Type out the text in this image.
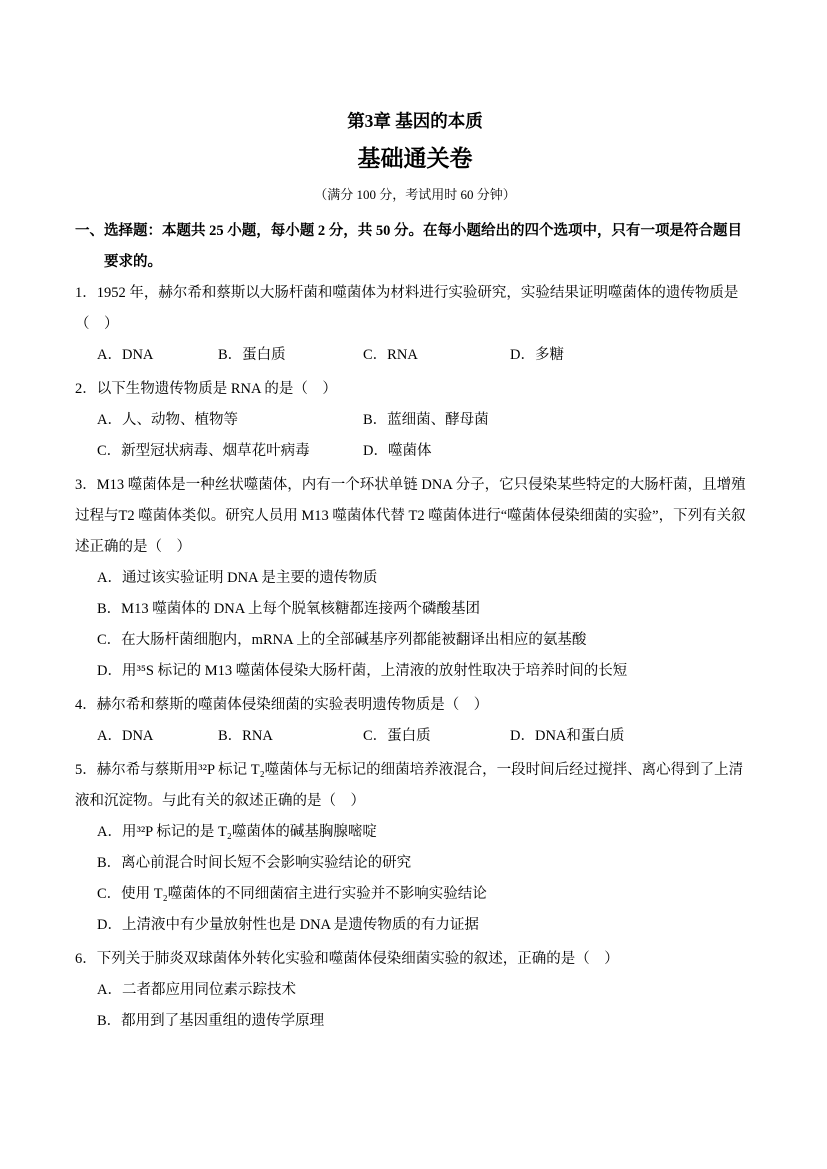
第3章 基因的本质
基础通关卷

（满分 100 分，考试用时 60 分钟）

一、选择题：本题共 25 小题，每小题 2 分，共 50 分。在每小题给出的四个选项中，只有一项是符合题目要求的。

1．1952 年，赫尔希和蔡斯以大肠杆菌和噬菌体为材料进行实验研究，实验结果证明噬菌体的遗传物质是（　）

A．DNA	B．蛋白质	C．RNA	D．多糖

2．以下生物遗传物质是 RNA 的是（　）

A．人、动物、植物等	B．蓝细菌、酵母菌
C．新型冠状病毒、烟草花叶病毒	D．噬菌体

3．M13 噬菌体是一种丝状噬菌体，内有一个环状单链 DNA 分子，它只侵染某些特定的大肠杆菌，且增殖过程与T2 噬菌体类似。研究人员用 M13 噬菌体代替 T2 噬菌体进行“噬菌体侵染细菌的实验”，下列有关叙述正确的是（　）

A．通过该实验证明 DNA 是主要的遗传物质

B．M13 噬菌体的 DNA 上每个脱氧核糖都连接两个磷酸基团

C．在大肠杆菌细胞内，mRNA 上的全部碱基序列都能被翻译出相应的氨基酸

D．用³⁵S 标记的 M13 噬菌体侵染大肠杆菌，上清液的放射性取决于培养时间的长短

4．赫尔希和蔡斯的噬菌体侵染细菌的实验表明遗传物质是（　）

A．DNA	B．RNA	C．蛋白质	D．DNA和蛋白质

5．赫尔希与蔡斯用³²P 标记 T₂噬菌体与无标记的细菌培养液混合，一段时间后经过搅拌、离心得到了上清液和沉淀物。与此有关的叙述正确的是（　）

A．用³²P 标记的是 T₂噬菌体的碱基胸腺嘧啶

B．离心前混合时间长短不会影响实验结论的研究

C．使用 T₂噬菌体的不同细菌宿主进行实验并不影响实验结论

D．上清液中有少量放射性也是 DNA 是遗传物质的有力证据

6．下列关于肺炎双球菌体外转化实验和噬菌体侵染细菌实验的叙述，正确的是（　）

A．二者都应用同位素示踪技术

B．都用到了基因重组的遗传学原理
